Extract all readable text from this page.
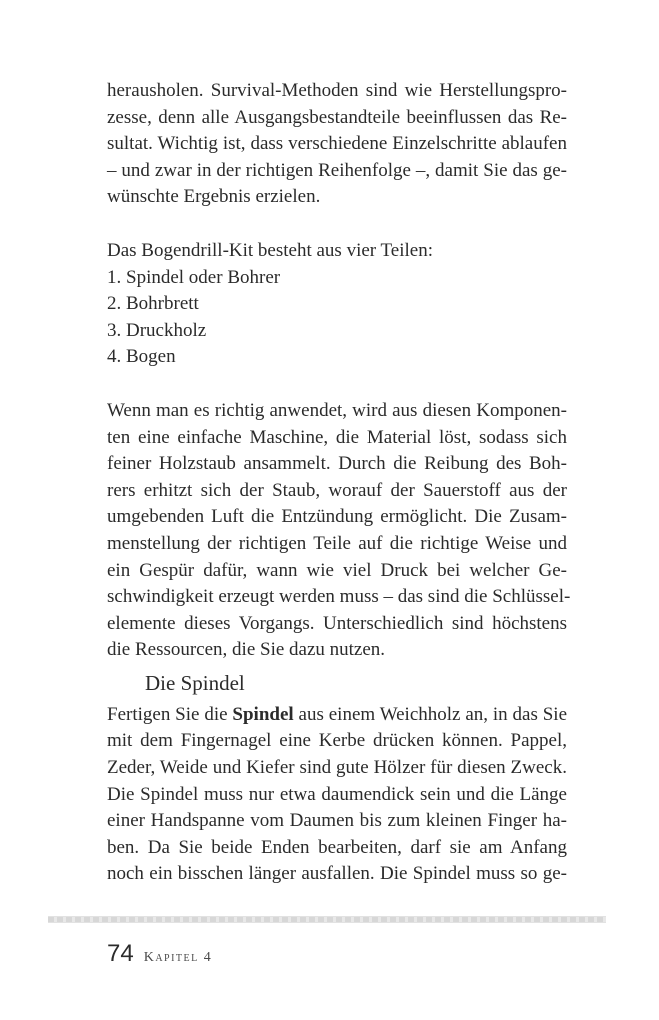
herausholen. Survival-Methoden sind wie Herstellungspro-
zesse, denn alle Ausgangsbestandteile beeinflussen das Re-
sultat. Wichtig ist, dass verschiedene Einzelschritte ablaufen
– und zwar in der richtigen Reihenfolge –, damit Sie das ge-
wünschte Ergebnis erzielen.
Das Bogendrill-Kit besteht aus vier Teilen:
1. Spindel oder Bohrer
2. Bohrbrett
3. Druckholz
4. Bogen
Wenn man es richtig anwendet, wird aus diesen Komponen-
ten eine einfache Maschine, die Material löst, sodass sich
feiner Holzstaub ansammelt. Durch die Reibung des Boh-
rers erhitzt sich der Staub, worauf der Sauerstoff aus der
umgebenden Luft die Entzündung ermöglicht. Die Zusam-
menstellung der richtigen Teile auf die richtige Weise und
ein Gespür dafür, wann wie viel Druck bei welcher Ge-
schwindigkeit erzeugt werden muss – das sind die Schlüssel-
elemente dieses Vorgangs. Unterschiedlich sind höchstens
die Ressourcen, die Sie dazu nutzen.
Die Spindel
Fertigen Sie die Spindel aus einem Weichholz an, in das Sie
mit dem Fingernagel eine Kerbe drücken können. Pappel,
Zeder, Weide und Kiefer sind gute Hölzer für diesen Zweck.
Die Spindel muss nur etwa daumendick sein und die Länge
einer Handspanne vom Daumen bis zum kleinen Finger ha-
ben. Da Sie beide Enden bearbeiten, darf sie am Anfang
noch ein bisschen länger ausfallen. Die Spindel muss so ge-
74 Kapitel 4
